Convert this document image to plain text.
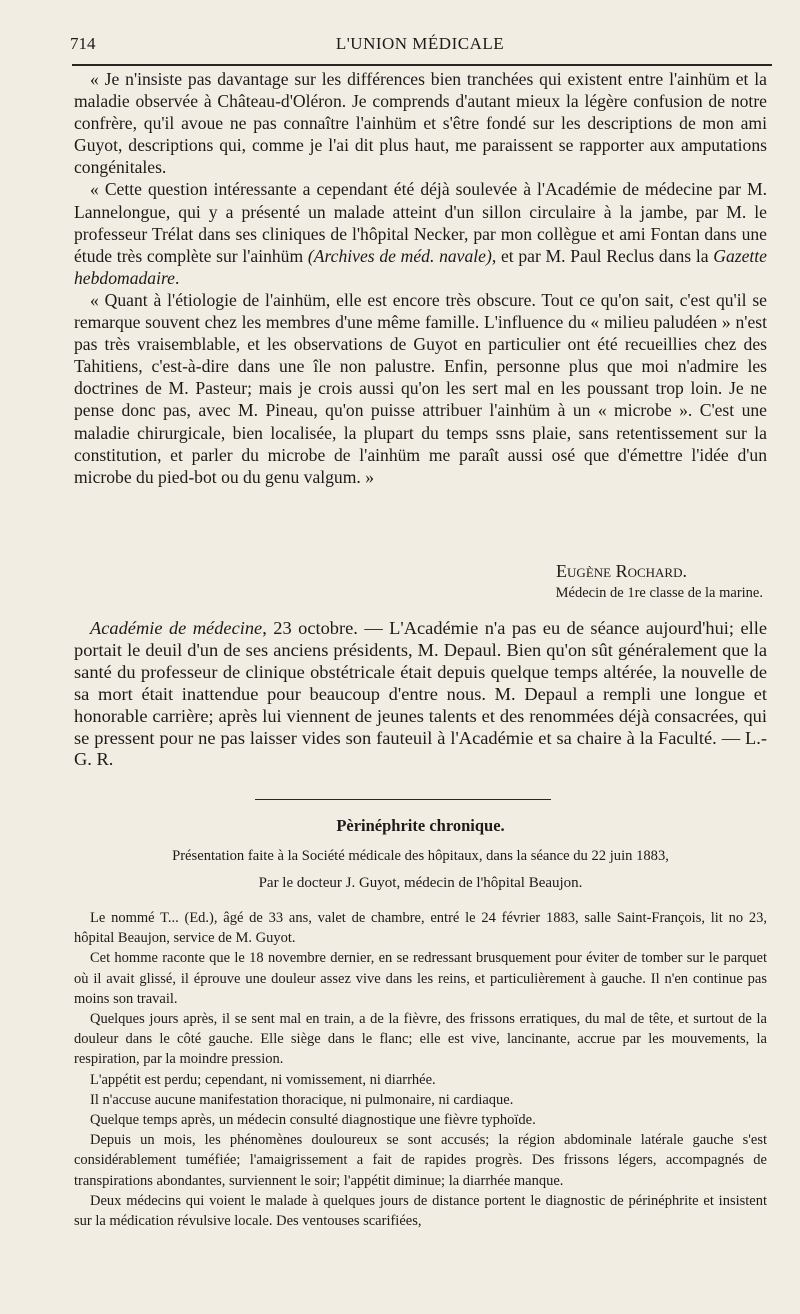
714	L'UNION MÉDICALE

« Je n'insiste pas davantage sur les différences bien tranchées qui existent entre l'ainhüm et la maladie observée à Château-d'Oléron. Je comprends d'autant mieux la légère confusion de notre confrère, qu'il avoue ne pas connaître l'ainhüm et s'être fondé sur les descriptions de mon ami Guyot, descriptions qui, comme je l'ai dit plus haut, me paraissent se rapporter aux amputations congénitales.

« Cette question intéressante a cependant été déjà soulevée à l'Académie de médecine par M. Lannelongue, qui y a présenté un malade atteint d'un sillon circulaire à la jambe, par M. le professeur Trélat dans ses cliniques de l'hôpital Necker, par mon collègue et ami Fontan dans une étude très complète sur l'ainhüm (Archives de méd. navale), et par M. Paul Reclus dans la Gazette hebdomadaire.

« Quant à l'étiologie de l'ainhüm, elle est encore très obscure. Tout ce qu'on sait, c'est qu'il se remarque souvent chez les membres d'une même famille. L'influence du « milieu paludéen » n'est pas très vraisemblable, et les observations de Guyot en particulier ont été recueillies chez des Tahitiens, c'est-à-dire dans une île non palustre. Enfin, personne plus que moi n'admire les doctrines de M. Pasteur; mais je crois aussi qu'on les sert mal en les poussant trop loin. Je ne pense donc pas, avec M. Pineau, qu'on puisse attribuer l'ainhüm à un « microbe ». C'est une maladie chirurgicale, bien localisée, la plupart du temps ssns plaie, sans retentissement sur la constitution, et parler du microbe de l'ainhüm me paraît aussi osé que d'émettre l'idée d'un microbe du pied-bot ou du genu valgum. »

Eugène Rochard.
Médecin de 1re classe de la marine.

Académie de médecine, 23 octobre. — L'Académie n'a pas eu de séance aujourd'hui; elle portait le deuil d'un de ses anciens présidents, M. Depaul. Bien qu'on sût généralement que la santé du professeur de clinique obstétricale était depuis quelque temps altérée, la nouvelle de sa mort était inattendue pour beaucoup d'entre nous. M. Depaul a rempli une longue et honorable carrière; après lui viennent de jeunes talents et des renommées déjà consacrées, qui se pressent pour ne pas laisser vides son fauteuil à l'Académie et sa chaire à la Faculté. — L.-G. R.

Pèrinéphrite chronique.
Présentation faite à la Société médicale des hôpitaux, dans la séance du 22 juin 1883,
Par le docteur J. Guyot, médecin de l'hôpital Beaujon.

Le nommé T... (Ed.), âgé de 33 ans, valet de chambre, entré le 24 février 1883, salle Saint-François, lit no 23, hôpital Beaujon, service de M. Guyot.

Cet homme raconte que le 18 novembre dernier, en se redressant brusquement pour éviter de tomber sur le parquet où il avait glissé, il éprouve une douleur assez vive dans les reins, et particulièrement à gauche. Il n'en continue pas moins son travail.

Quelques jours après, il se sent mal en train, a de la fièvre, des frissons erratiques, du mal de tête, et surtout de la douleur dans le côté gauche. Elle siège dans le flanc; elle est vive, lancinante, accrue par les mouvements, la respiration, par la moindre pression.

L'appétit est perdu; cependant, ni vomissement, ni diarrhée.

Il n'accuse aucune manifestation thoracique, ni pulmonaire, ni cardiaque.

Quelque temps après, un médecin consulté diagnostique une fièvre typhoïde.

Depuis un mois, les phénomènes douloureux se sont accusés; la région abdominale latérale gauche s'est considérablement tuméfiée; l'amaigrissement a fait de rapides progrès. Des frissons légers, accompagnés de transpirations abondantes, surviennent le soir; l'appétit diminue; la diarrhée manque.

Deux médecins qui voient le malade à quelques jours de distance portent le diagnostic de périnéphrite et insistent sur la médication révulsive locale. Des ventouses scarifiées,
